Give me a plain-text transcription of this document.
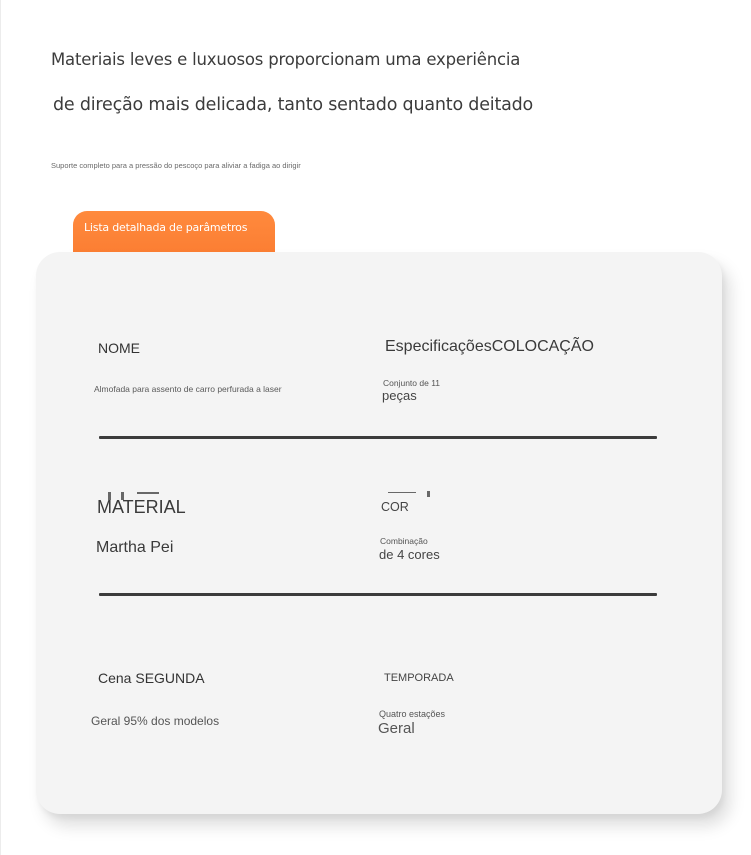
Materiais leves e luxuosos proporcionam uma experiência
de direção mais delicada, tanto sentado quanto deitado
Suporte completo para a pressão do pescoço para aliviar a fadiga ao dirigir
Lista detalhada de parâmetros
NOME
Almofada para assento de carro perfurada a laser
EspecificaçõesCOLOCAÇÃO
Conjunto de 11
peças
MATERIAL
Martha Pei
COR
Combinação
de 4 cores
Cena SEGUNDA
Geral 95% dos modelos
TEMPORADA
Quatro estações
Geral
